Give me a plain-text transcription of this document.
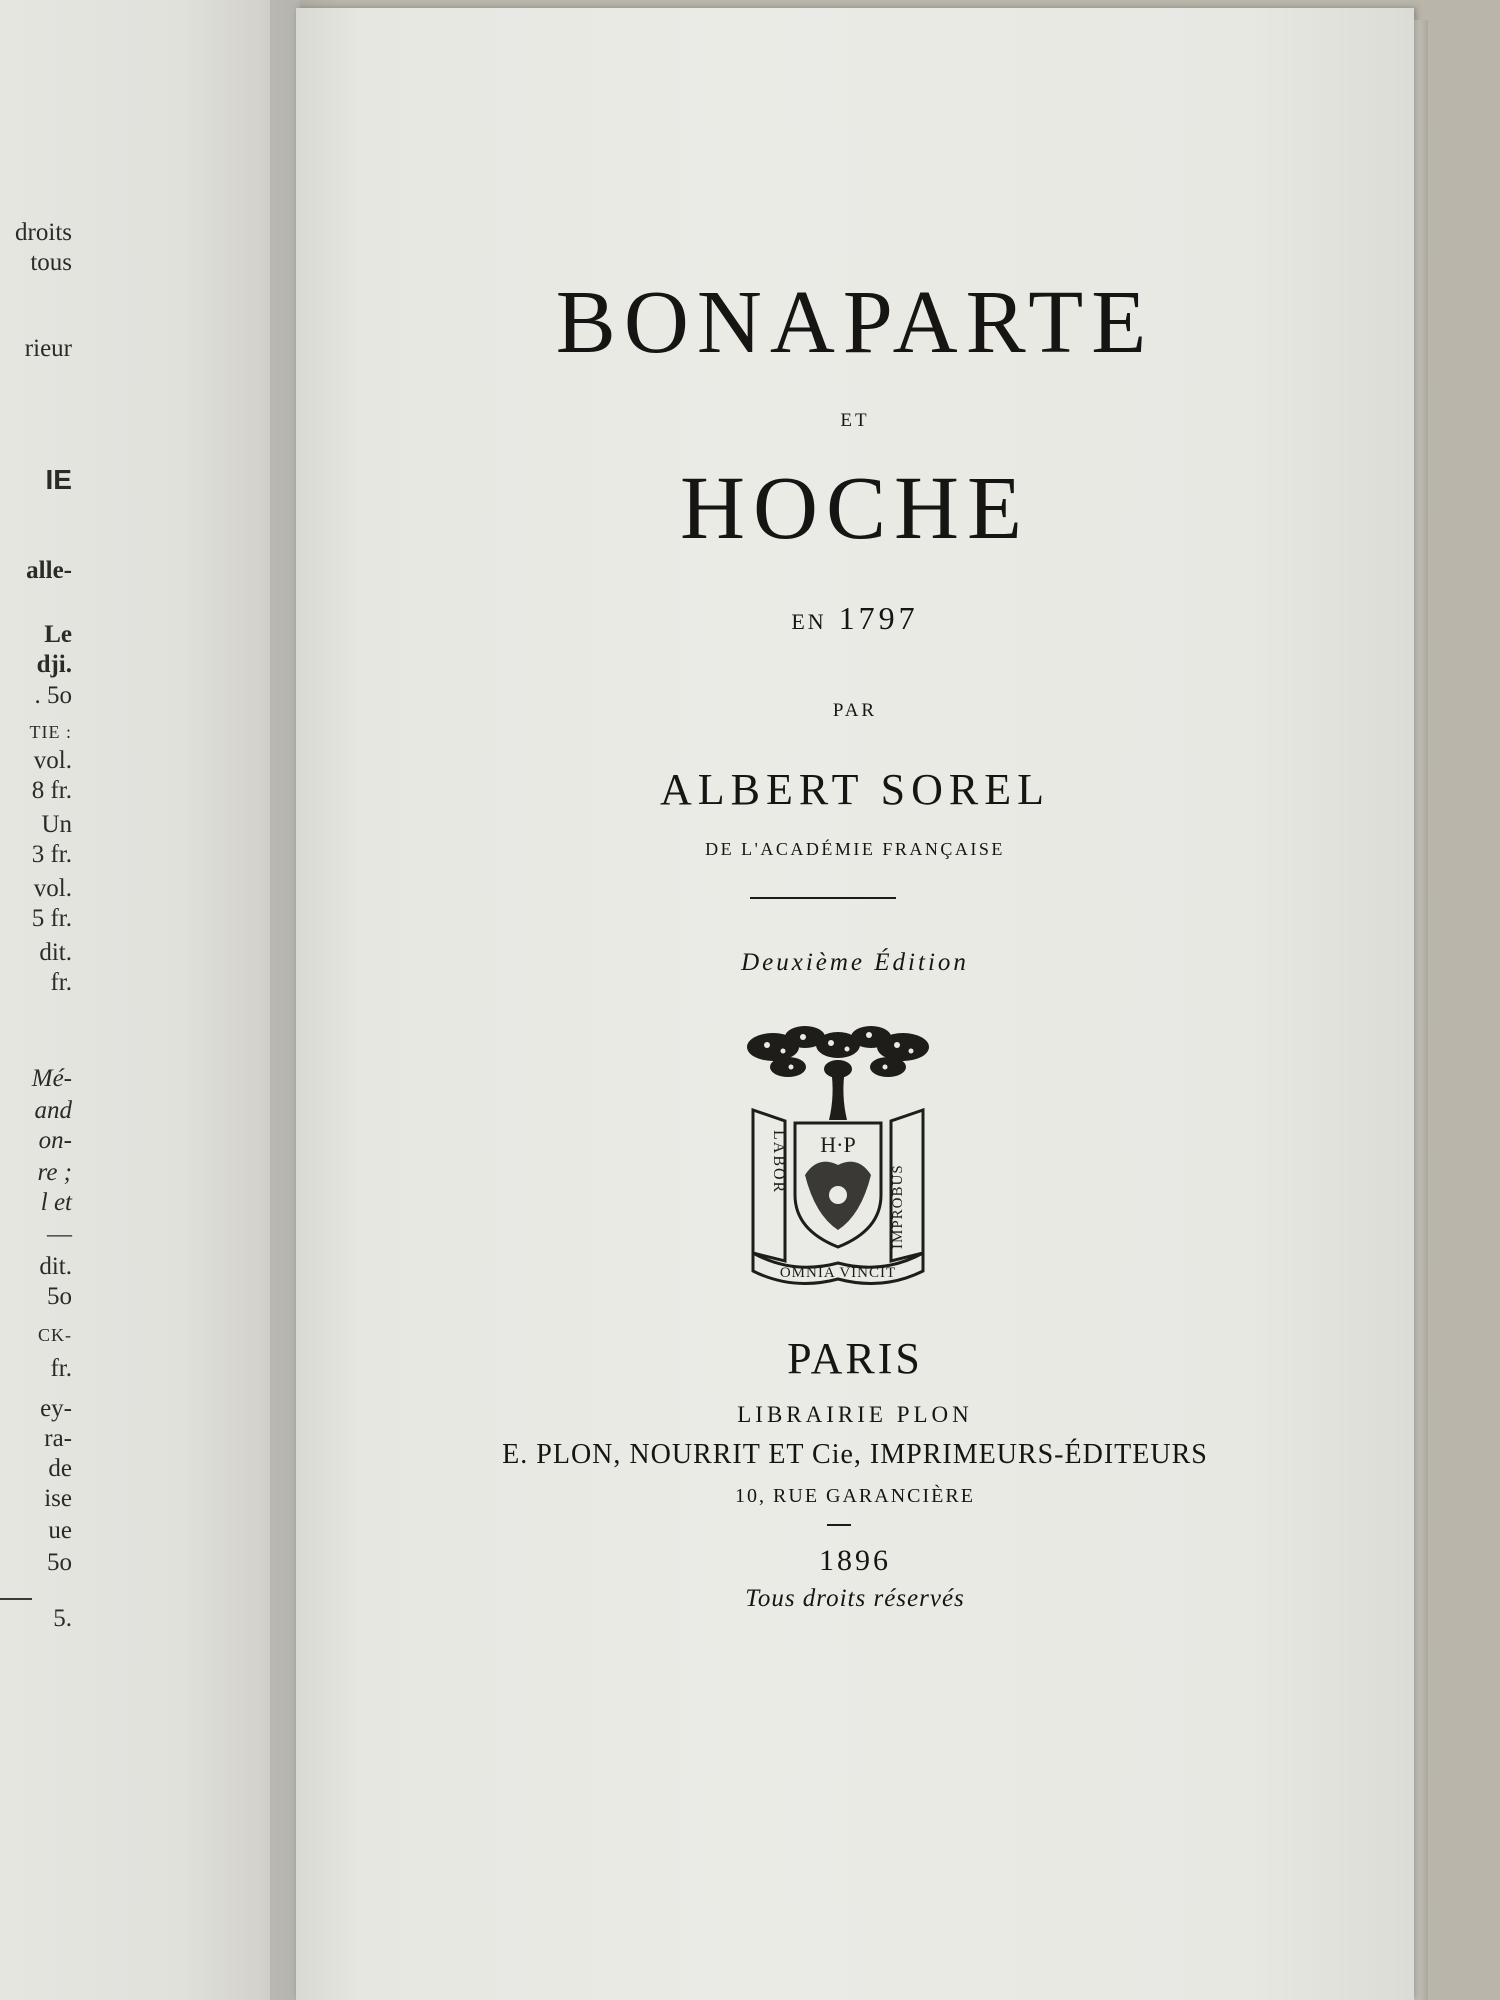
droits
tous
rieur
IE
alle-
Le
dji.
. 5o
TIE :
vol.
8 fr.
Un
3 fr.
vol.
5 fr.
dit.
fr.
Mé-
and
on-
re ;
l et
—
dit.
5o
CK-
fr.
ey-
ra-
de
ise
ue
5o
5.
BONAPARTE
ET
HOCHE
EN 1797
PAR
ALBERT SOREL
DE L'ACADÉMIE FRANÇAISE
Deuxième Édition
H·P
LABOR
IMPROBUS
OMNIA VINCIT
PARIS
LIBRAIRIE PLON
E. PLON, NOURRIT ET Cie, IMPRIMEURS-ÉDITEURS
10, RUE GARANCIÈRE
1896
Tous droits réservés
